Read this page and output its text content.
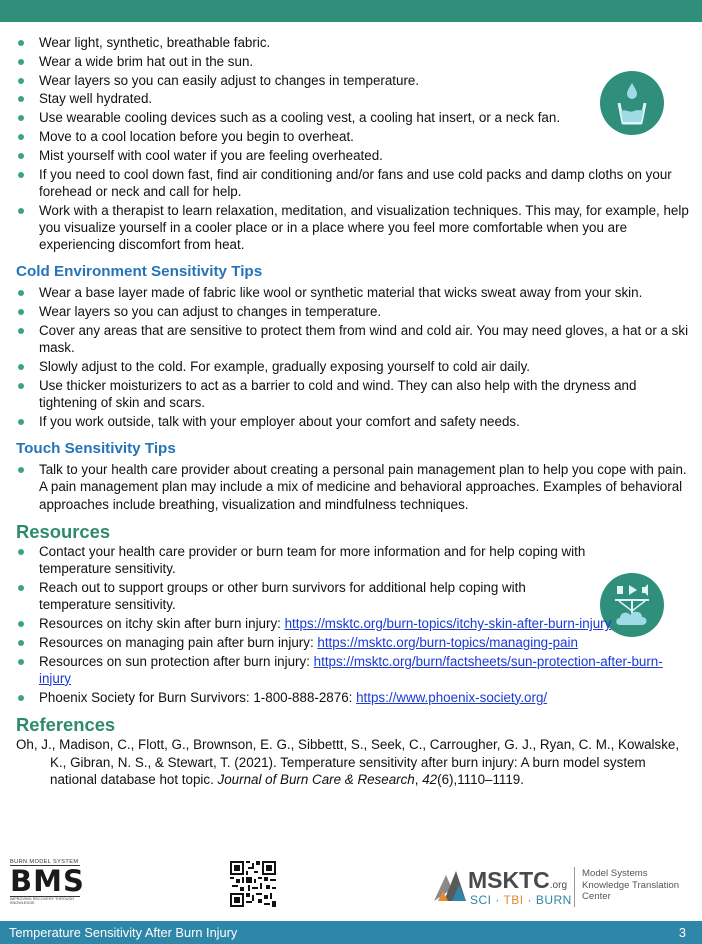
Wear light, synthetic, breathable fabric.
Wear a wide brim hat out in the sun.
Wear layers so you can easily adjust to changes in temperature.
Stay well hydrated.
Use wearable cooling devices such as a cooling vest, a cooling hat insert, or a neck fan.
Move to a cool location before you begin to overheat.
Mist yourself with cool water if you are feeling overheated.
If you need to cool down fast, find air conditioning and/or fans and use cold packs and damp cloths on your forehead or neck and call for help.
Work with a therapist to learn relaxation, meditation, and visualization techniques. This may, for example, help you visualize yourself in a cooler place or in a place where you feel more comfortable when you are experiencing discomfort from heat.
Cold Environment Sensitivity Tips
Wear a base layer made of fabric like wool or synthetic material that wicks sweat away from your skin.
Wear layers so you can adjust to changes in temperature.
Cover any areas that are sensitive to protect them from wind and cold air. You may need gloves, a hat or a ski mask.
Slowly adjust to the cold. For example, gradually exposing yourself to cold air daily.
Use thicker moisturizers to act as a barrier to cold and wind. They can also help with the dryness and tightening of skin and scars.
If you work outside, talk with your employer about your comfort and safety needs.
Touch Sensitivity Tips
Talk to your health care provider about creating a personal pain management plan to help you cope with pain. A pain management plan may include a mix of medicine and behavioral approaches. Examples of behavioral approaches include breathing, visualization and mindfulness techniques.
Resources
Contact your health care provider or burn team for more information and for help coping with temperature sensitivity.
Reach out to support groups or other burn survivors for additional help coping with temperature sensitivity.
Resources on itchy skin after burn injury: https://msktc.org/burn-topics/itchy-skin-after-burn-injury
Resources on managing pain after burn injury: https://msktc.org/burn-topics/managing-pain
Resources on sun protection after burn injury: https://msktc.org/burn/factsheets/sun-protection-after-burn-injury
Phoenix Society for Burn Survivors: 1-800-888-2876: https://www.phoenix-society.org/
References

Oh, J., Madison, C., Flott, G., Brownson, E. G., Sibbettt, S., Seek, C., Carrougher, G. J., Ryan, C. M., Kowalske, K., Gibran, N. S., & Stewart, T. (2021). Temperature sensitivity after burn injury: A burn model system national database hot topic. Journal of Burn Care & Research, 42(6),1110–1119.

BURN MODEL SYSTEM
BMS
IMPROVING RECOVERY THROUGH KNOWLEDGE
MSKTC.org
SCI · TBI · BURN
Model Systems
Knowledge Translation
Center
Temperature Sensitivity After Burn Injury	3
